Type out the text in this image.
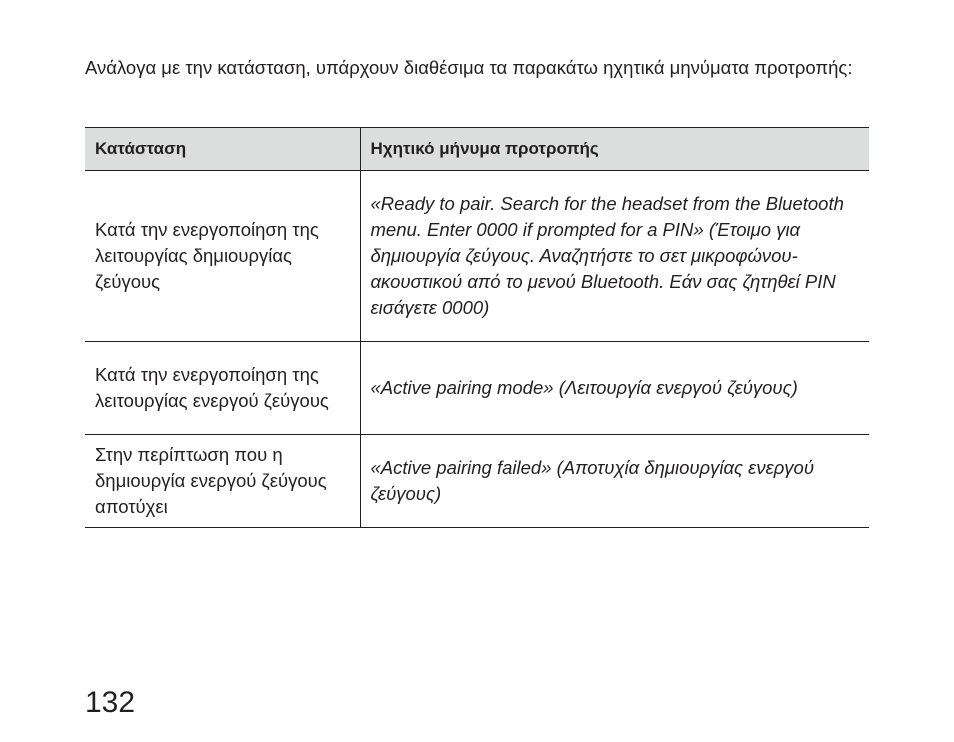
Ανάλογα με την κατάσταση, υπάρχουν διαθέσιμα τα παρακάτω ηχητικά μηνύματα προτροπής:

Κατάσταση	Ηχητικό μήνυμα προτροπής
Κατά την ενεργοποίηση της λειτουργίας δημιουργίας ζεύγους	«Ready to pair. Search for the headset from the Bluetooth menu. Enter 0000 if prompted for a PIN» (Έτοιμο για δημιουργία ζεύγους. Αναζητήστε το σετ μικροφώνου-ακουστικού από το μενού Bluetooth. Εάν σας ζητηθεί PIN εισάγετε 0000)
Κατά την ενεργοποίηση της λειτουργίας ενεργού ζεύγους	«Active pairing mode» (Λειτουργία ενεργού ζεύγους)
Στην περίπτωση που η δημιουργία ενεργού ζεύγους αποτύχει	«Active pairing failed» (Αποτυχία δημιουργίας ενεργού ζεύγους)
132
